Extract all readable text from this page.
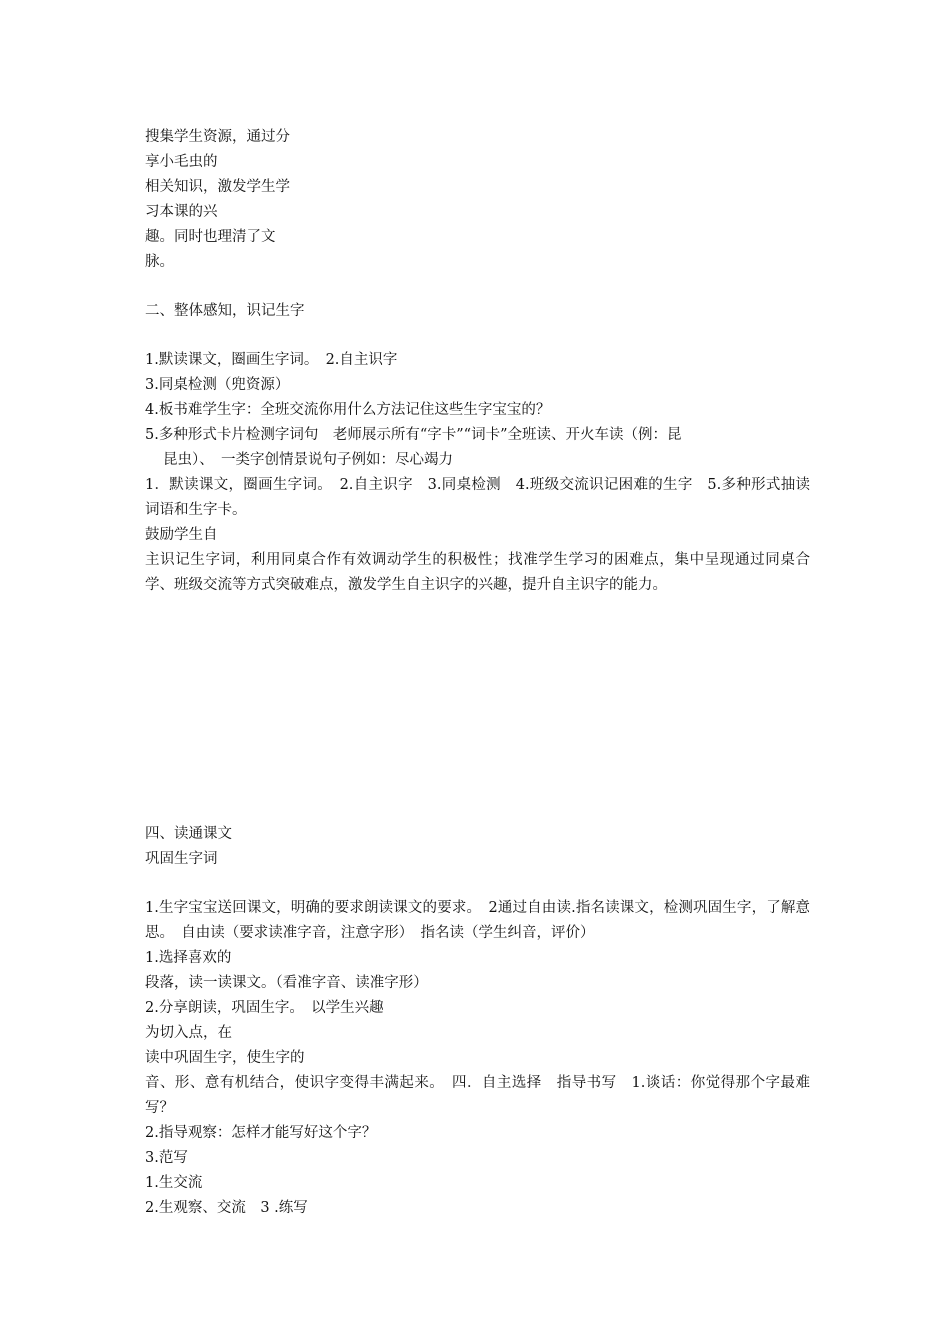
搜集学生资源，通过分
享小毛虫的
相关知识，激发学生学
习本课的兴
趣。同时也理清了文
脉。
二、整体感知，识记生字
1.默读课文，圈画生字词。　2.自主识字
3.同桌检测（兜资源）
4.板书难学生字：全班交流你用什么方法记住这些生字宝宝的？
5.多种形式卡片检测字词句　老师展示所有“字卡”“词卡”全班读、开火车读（例：昆
昆虫）、　一类字创情景说句子例如：尽心竭力
1．默读课文，圈画生字词。　2.自主识字　3.同桌检测　4.班级交流识记困难的生字　5.多种形式抽读词语和生字卡。
鼓励学生自
主识记生字词，利用同桌合作有效调动学生的积极性；找准学生学习的困难点，集中呈现通过同桌合学、班级交流等方式突破难点，激发学生自主识字的兴趣，提升自主识字的能力。
四、读通课文
巩固生字词
1.生字宝宝送回课文，明确的要求朗读课文的要求。　2通过自由读.指名读课文，检测巩固生字，了解意思。　自由读（要求读准字音，注意字形）　指名读（学生纠音，评价）
1.选择喜欢的
段落，读一读课文。（看准字音、读准字形）
2.分享朗读，巩固生字。　以学生兴趣
为切入点，在
读中巩固生字，使生字的
音、形、意有机结合，使识字变得丰满起来。　四．自主选择　指导书写　1.谈话：你觉得那个字最难写？
2.指导观察：怎样才能写好这个字？
3.范写
1.生交流
2.生观察、交流　3 .练写
